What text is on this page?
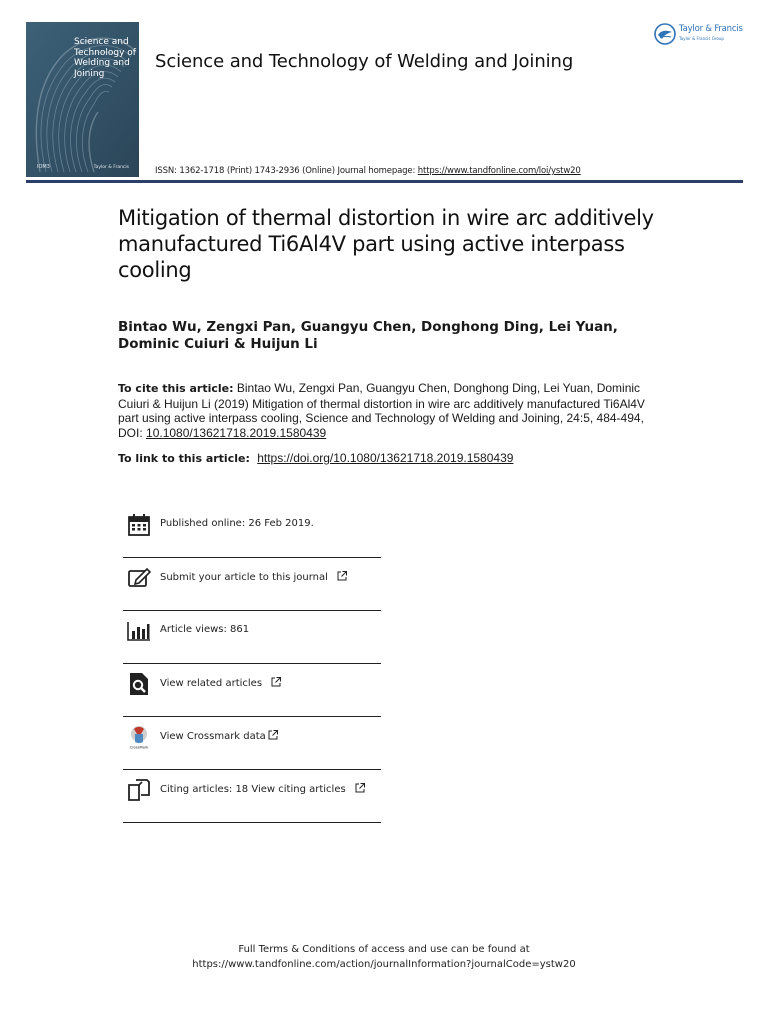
Science and Technology of Welding and Joining
IOM3	Taylor & Francis
Science and Technology of Welding and Joining
Taylor & Francis
Taylor & Francis Group
ISSN: 1362-1718 (Print) 1743-2936 (Online) Journal homepage: https://www.tandfonline.com/loi/ystw20
Mitigation of thermal distortion in wire arc additively manufactured Ti6Al4V part using active interpass cooling
Bintao Wu, Zengxi Pan, Guangyu Chen, Donghong Ding, Lei Yuan, Dominic Cuiuri & Huijun Li
To cite this article: Bintao Wu, Zengxi Pan, Guangyu Chen, Donghong Ding, Lei Yuan, Dominic Cuiuri & Huijun Li (2019) Mitigation of thermal distortion in wire arc additively manufactured Ti6Al4V part using active interpass cooling, Science and Technology of Welding and Joining, 24:5, 484-494, DOI: 10.1080/13621718.2019.1580439
To link to this article: https://doi.org/10.1080/13621718.2019.1580439
Published online: 26 Feb 2019.
Submit your article to this journal
Article views: 861
View related articles
CrossMark
View Crossmark data
Citing articles: 18 View citing articles
Full Terms & Conditions of access and use can be found at
https://www.tandfonline.com/action/journalInformation?journalCode=ystw20
